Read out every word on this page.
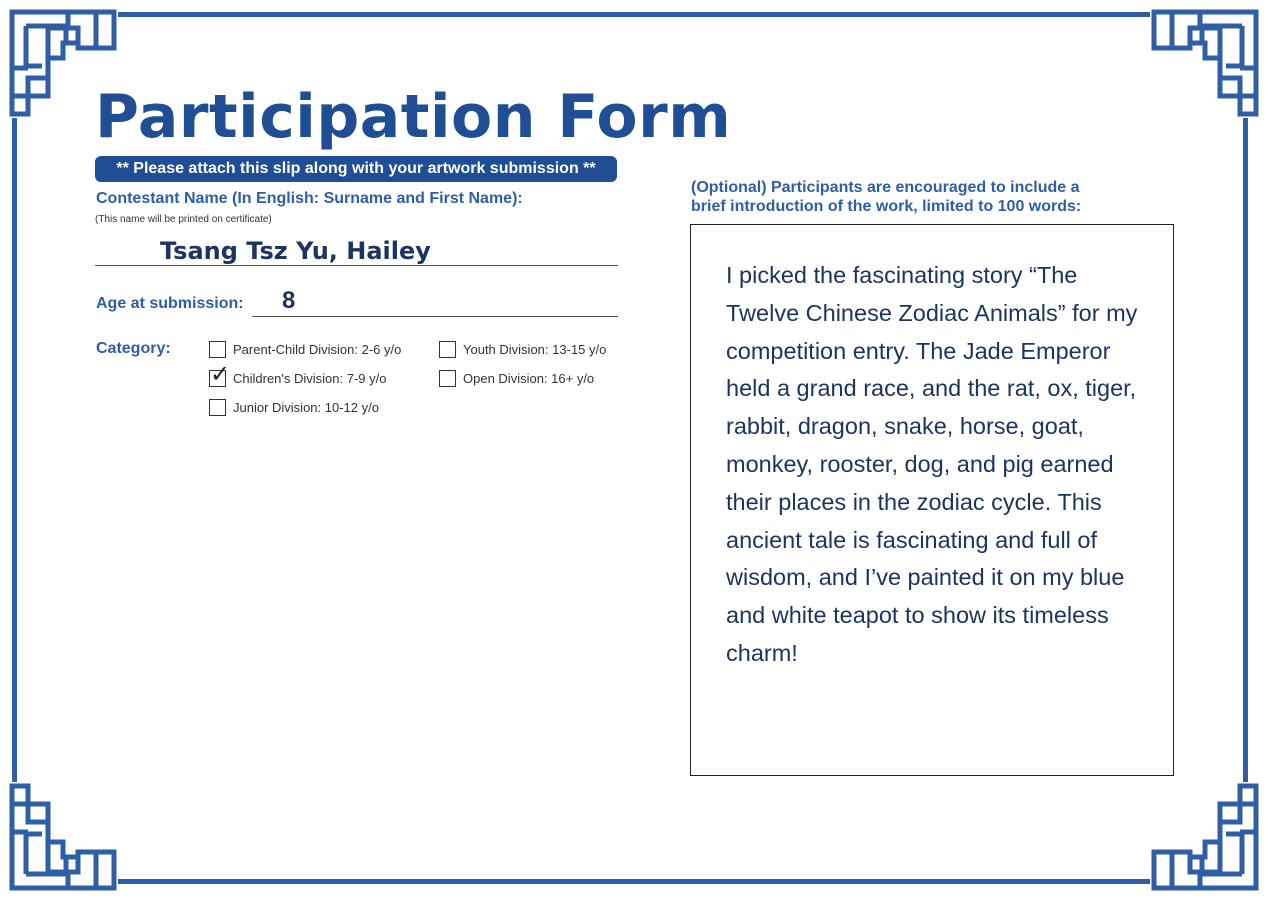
Participation Form
** Please attach this slip along with your artwork submission **
Contestant Name (In English: Surname and First Name):
(This name will be printed on certificate)
Tsang Tsz Yu, Hailey
Age at submission: 8
Category:	Parent-Child Division: 2-6 y/o
✓ Children's Division: 7-9 y/o
Junior Division: 10-12 y/o
Youth Division: 13-15 y/o
Open Division: 16+ y/o

(Optional) Participants are encouraged to include a
brief introduction of the work, limited to 100 words:

I picked the fascinating story “The Twelve Chinese Zodiac Animals” for my competition entry. The Jade Emperor held a grand race, and the rat, ox, tiger, rabbit, dragon, snake, horse, goat, monkey, rooster, dog, and pig earned their places in the zodiac cycle. This ancient tale is fascinating and full of wisdom, and I’ve painted it on my blue and white teapot to show its timeless charm!
